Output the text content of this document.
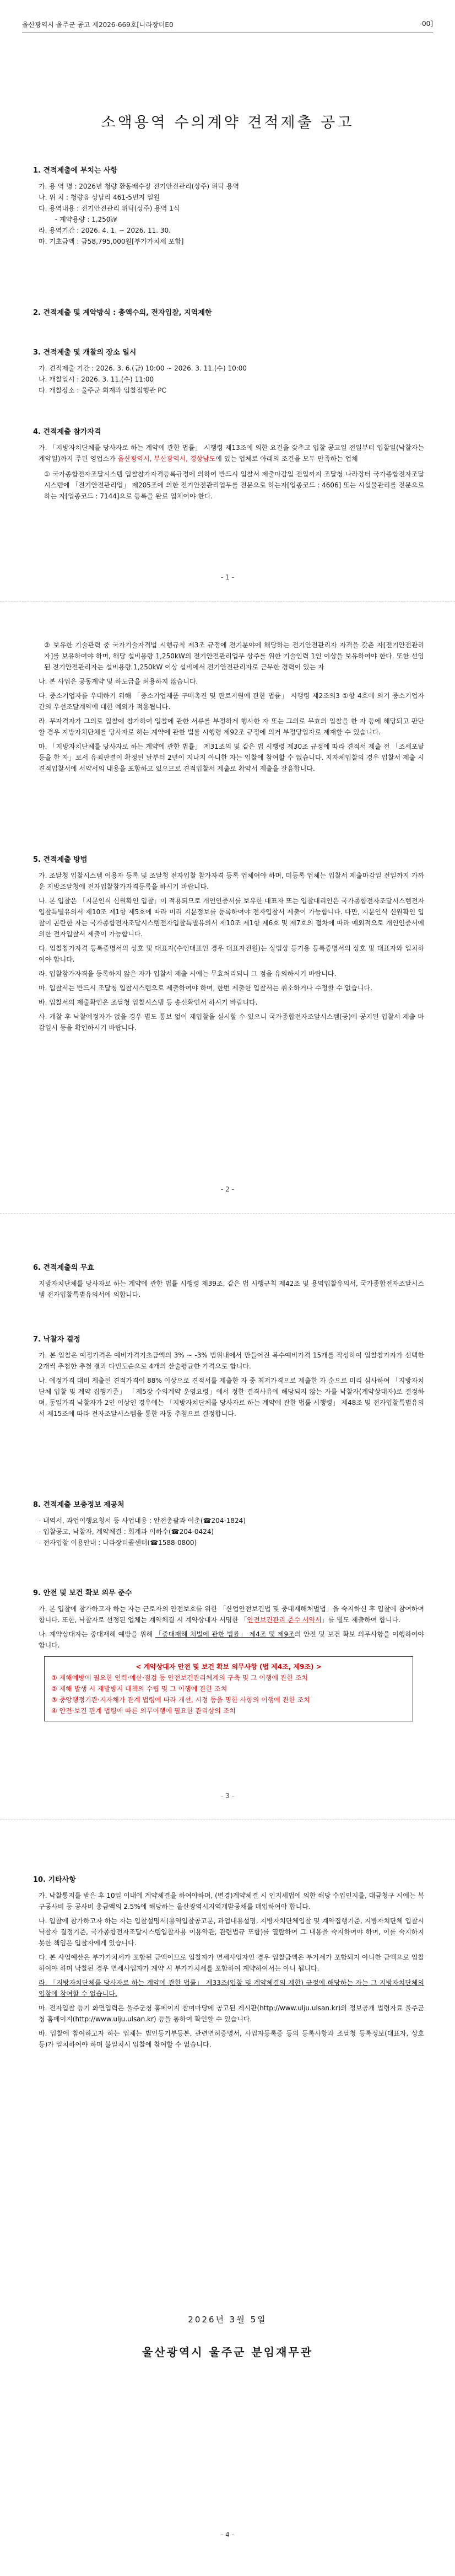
울산광역시 울주군 공고 제2026-669호[나라장터E0	-00]
소액용역 수의계약 견적제출 공고
1. 견적제출에 부치는 사항
가. 용 역 명 : 2026년 청량 환동배수장 전기안전관리(상주) 위탁 용역
나. 위 치 : 청량읍 상남리 461-5번지 일원
다. 용역내용 : 전기안전관리 위탁(상주) 용역 1식
- 계약용량 : 1,250㎾
라. 용역기간 : 2026. 4. 1. ~ 2026. 11. 30.
마. 기초금액 : 금58,795,000원[부가가치세 포함]
2. 견적제출 및 계약방식 : 총액수의, 전자입찰, 지역제한
3. 견적제출 및 개찰의 장소 일시
가. 견적제출 기간 : 2026. 3. 6.(금) 10:00 ~ 2026. 3. 11.(수) 10:00
나. 개찰일시 : 2026. 3. 11.(수) 11:00
다. 개찰장소 : 울주군 회계과 입찰집행관 PC
4. 견적제출 참가자격
가. 「지방자치단체를 당사자로 하는 계약에 관한 법률」 시행령 제13조에 의한 요건을 갖추고 입찰 공고일 전일부터 입찰일(낙찰자는 계약일)까지 주된 영업소가 울산광역시, 부산광역시, 경상남도에 있는 업체로 아래의 조건을 모두 만족하는 업체
① 국가종합전자조달시스템 입찰참가자격등록규정에 의하여 반드시 입찰서 제출마감일 전일까지 조달청 나라장터 국가종합전자조달시스템에 「전기안전관리업」 제205조에 의한 전기안전관리업무를 전문으로 하는자[업종코드 : 4606] 또는 시설물관리를 전문으로 하는 자[업종코드 : 7144]으로 등록을 완료 업체여야 한다.
- 1 -
② 보유한 기술관력 중 국가기술자격법 시행규칙 제3조 규정에 전기분야에 해당하는 전기안전관리자 자격을 갖춘 자[전기안전관리자]를 보유하여야 하며, 해당 설비용량 1,250kW의 전기안전관리업무 상주를 위한 기술인력 1인 이상을 보유하여야 한다. 또한 선임된 전기안전관리자는 설비용량 1,250kW 이상 설비에서 전기안전관리자로 근무한 경력이 있는 자
나. 본 사업은 공동계약 및 하도급을 허용하지 않습니다.
다. 중소기업자를 우대하기 위해 「중소기업제품 구매촉진 및 판로지원에 관한 법률」 시행령 제2조의3 ①항 4호에 의거 중소기업자 간의 우선조달계약에 대한 예외가 적용됩니다.
라. 무자격자가 그의로 입찰에 참가하여 입찰에 관한 서류를 부정하게 행사한 자 또는 그의로 무효의 입찰을 한 자 등에 해당되고 판단할 경우 지방자치단체를 당사자로 하는 계약에 관한 법률 시행령 제92조 규정에 의거 부정당업자로 제재할 수 있습니다.
마. 「지방자치단체를 당사자로 하는 계약에 관한 법률」 제31조의 및 같은 법 시행령 제30조 규정에 따라 견적서 제출 전 「조세포탈 등을 한 자」로서 유죄판결이 확정된 날부터 2년이 지나지 아니한 자는 입찰에 참여할 수 없습니다. 지자체입찰의 경우 입찰서 제출 시 견적입찰서에 서약서의 내용을 포함하고 있으므로 견적입찰서 제출로 확약서 제출을 갈음합니다.
5. 견적제출 방법
가. 조달청 입찰시스템 이용자 등록 및 조달청 전자입찰 참가자격 등록 업체여야 하며, 미등록 업체는 입찰서 제출마감일 전일까지 가까운 지방조달청에 전자입찰참가자격등록을 하시기 바랍니다.
나. 본 입찰은 「지문인식 신원확인 입찰」이 적용되므로 개인인증서를 보유한 대표자 또는 입찰대리인은 국가종합전자조달시스템전자입찰특별유의서 제10조 제1항 제5호에 따라 미리 지문정보를 등록하여야 전자입찰서 제출이 가능합니다. 다만, 지문인식 신원확인 입찰이 곤란한 자는 국가종합전자조달시스템전자입찰특별유의서 제10조 제1항 제6호 및 제7호의 절차에 따라 예외적으로 개인인증서에 의한 전자입찰서 제출이 가능합니다.
다. 입찰참가자격 등록증명서의 상호 및 대표자(수인대표인 경우 대표자전원)는 상법상 등기용 등록증명서의 상호 및 대표자와 일치하여야 합니다.
라. 입찰참가자격을 등록하지 않은 자가 입찰서 제출 시에는 무효처리되니 그 점을 유의하시기 바랍니다.
마. 입찰서는 반드시 조달청 입찰시스템으로 제출하여야 하며, 한번 제출한 입찰서는 취소하거나 수정할 수 없습니다.
바. 입찰서의 제출확인은 조달청 입찰시스템 등 송신확인서 하시기 바랍니다.
사. 개찰 후 낙찰예정자가 없을 경우 별도 통보 없이 재입찰을 실시할 수 있으니 국가종합전자조달시스템(공)에 공지된 입찰서 제출 마감일시 등을 확인하시기 바랍니다.
- 2 -
6. 견적제출의 무효
지방자치단체를 당사자로 하는 계약에 관한 법률 시행령 제39조, 같은 법 시행규칙 제42조 및 용역입찰유의서, 국가종합전자조달시스템 전자입찰특별유의서에 의합니다.
7. 낙찰자 결정
가. 본 입찰은 예정가격은 예비가격기초금액의 3% ~ -3% 범위내에서 만들어진 복수예비가격 15개를 작성하여 입찰참가자가 선택한 2개씩 추첨한 추첨 결과 다빈도순으로 4개의 산술평균한 가격으로 합니다.
나. 예정가격 대비 제출된 견적가격이 88% 이상으로 견적서를 제출한 자 중 최저가격으로 제출한 자 순으로 미리 심사하여 「지방자치단체 입찰 및 계약 집행기준」 「제5장 수의계약 운영요령」에서 정한 결격사유에 해당되지 않는 자를 낙찰자(계약상대자)로 결정하며, 동일가격 낙찰자가 2인 이상인 경우에는 「지방자치단체를 당사자로 하는 계약에 관한 법률 시행령」 제48조 및 전자입찰특별유의서 제15조에 따라 전자조달시스템을 통한 자동 추첨으로 결정합니다.
8. 견적제출 보충정보 제공처
- 내역서, 과업이행요청서 등 사업내용 : 안전총괄과 이춘(☎204-1824)
- 입찰공고, 낙찰자, 계약체결 : 회계과 이하수(☎204-0424)
- 전자입찰 이용안내 : 나라장터콜센터(☎1588-0800)
9. 안전 및 보건 확보 의무 준수
가. 본 입찰에 참가하고자 하는 자는 근로자의 안전보호를 위한 「산업안전보건법 및 중대재해처벌법」을 숙지하신 후 입찰에 참여하여 합니다. 또한, 낙찰자로 선정된 업체는 계약체결 시 계약상대자 서명한 「안전보건관리 준수 서약서」를 별도 제출하여 합니다.
나. 계약상대자는 중대재해 예방을 위해 「중대재해 처벌에 관한 법률」 제4조 및 제9조의 안전 및 보건 확보 의무사항을 이행하여야 합니다.
< 계약상대자 안전 및 보건 확보 의무사항 (법 제4조, 제9조) >
① 재해예방에 필요한 인력·예산·점검 등 안전보건관리체계의 구축 및 그 이행에 관한 조치
② 재해 발생 시 재발방지 대책의 수립 및 그 이행에 관한 조치
③ 중앙행정기관·지자체가 관계 법령에 따라 개선, 시정 등을 명한 사항의 이행에 관한 조치
④ 안전·보건 관계 법령에 따른 의무이행에 필요한 관리상의 조치
- 3 -
10. 기타사항
가. 낙찰통지를 받은 후 10일 이내에 계약체결을 하여야하며, (변경)계약체결 시 인지세법에 의한 해당 수입인지를, 대금청구 시에는 복구공사비 등 공사비 총금액의 2.5%에 해당하는 울산광역시지역개발공채를 매입하여야 합니다.
나. 입찰에 참가하고자 하는 자는 입찰설명서(용역입찰공고문, 과업내용설명, 지방자치단체입찰 및 계약집행기준, 지방자치단체 입찰시 낙찰자 결정기준, 국가종합전자조달시스템입찰자용 이용약관, 관련법규 포함)를 열람하여 그 내용을 숙지하여야 하며, 이를 숙지하지 못한 책임은 입찰자에게 있습니다.
다. 본 사업예산은 부가가치세가 포함된 금액이므로 입찰자가 면세사업자인 경우 입찰금액은 부가세가 포함되지 아니한 금액으로 입찰하여야 하며 낙찰된 경우 면세사업자가 계약 시 부가가치세를 포함하여 계약하여서는 아니 됩니다.
라. 「지방자치단체를 당사자로 하는 계약에 관한 법률」 제33조(입찰 및 계약체결의 제한) 규정에 해당하는 자는 그 지방자치단체의 입찰에 참여할 수 없습니다.
마. 전자입찰 등기 화면입력은 울주군청 홈페이지 참여마당에 공고된 게시판(http://www.ulju.ulsan.kr)의 정보공개 법령자료 울주군청 홈페이지(http://www.ulju.ulsan.kr) 등을 통하여 확인할 수 있습니다.
바. 입찰에 참여하고자 하는 업체는 법인등기부등본, 관련면허증명서, 사업자등록증 등의 등록사항과 조달청 등록정보(대표자, 상호 등)가 일치하여야 하며 불일치시 입찰에 참여할 수 없습니다.
2026년 3월 5일
울산광역시 울주군 분임재무관
- 4 -
